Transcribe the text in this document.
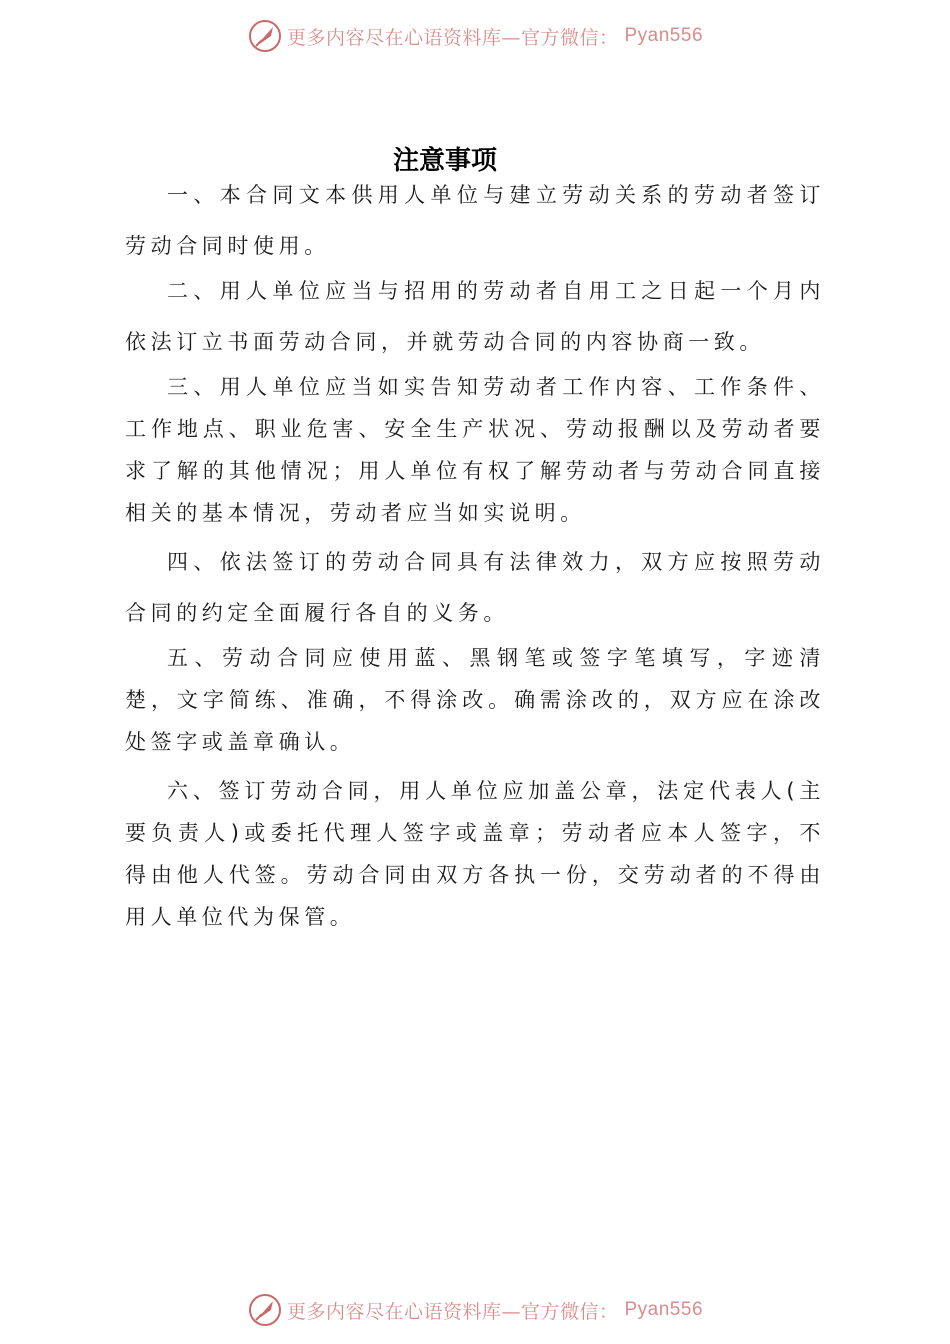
更多内容尽在心语资料库—官方微信： Pyan556
注意事项

一、本合同文本供用人单位与建立劳动关系的劳动者签订劳动合同时使用。

二、用人单位应当与招用的劳动者自用工之日起一个月内依法订立书面劳动合同，并就劳动合同的内容协商一致。

三、用人单位应当如实告知劳动者工作内容、工作条件、工作地点、职业危害、安全生产状况、劳动报酬以及劳动者要求了解的其他情况；用人单位有权了解劳动者与劳动合同直接相关的基本情况，劳动者应当如实说明。

四、依法签订的劳动合同具有法律效力，双方应按照劳动合同的约定全面履行各自的义务。

五、劳动合同应使用蓝、黑钢笔或签字笔填写，字迹清楚，文字简练、准确，不得涂改。确需涂改的，双方应在涂改处签字或盖章确认。

六、签订劳动合同，用人单位应加盖公章，法定代表人(主要负责人)或委托代理人签字或盖章；劳动者应本人签字，不得由他人代签。劳动合同由双方各执一份，交劳动者的不得由用人单位代为保管。

更多内容尽在心语资料库—官方微信： Pyan556
